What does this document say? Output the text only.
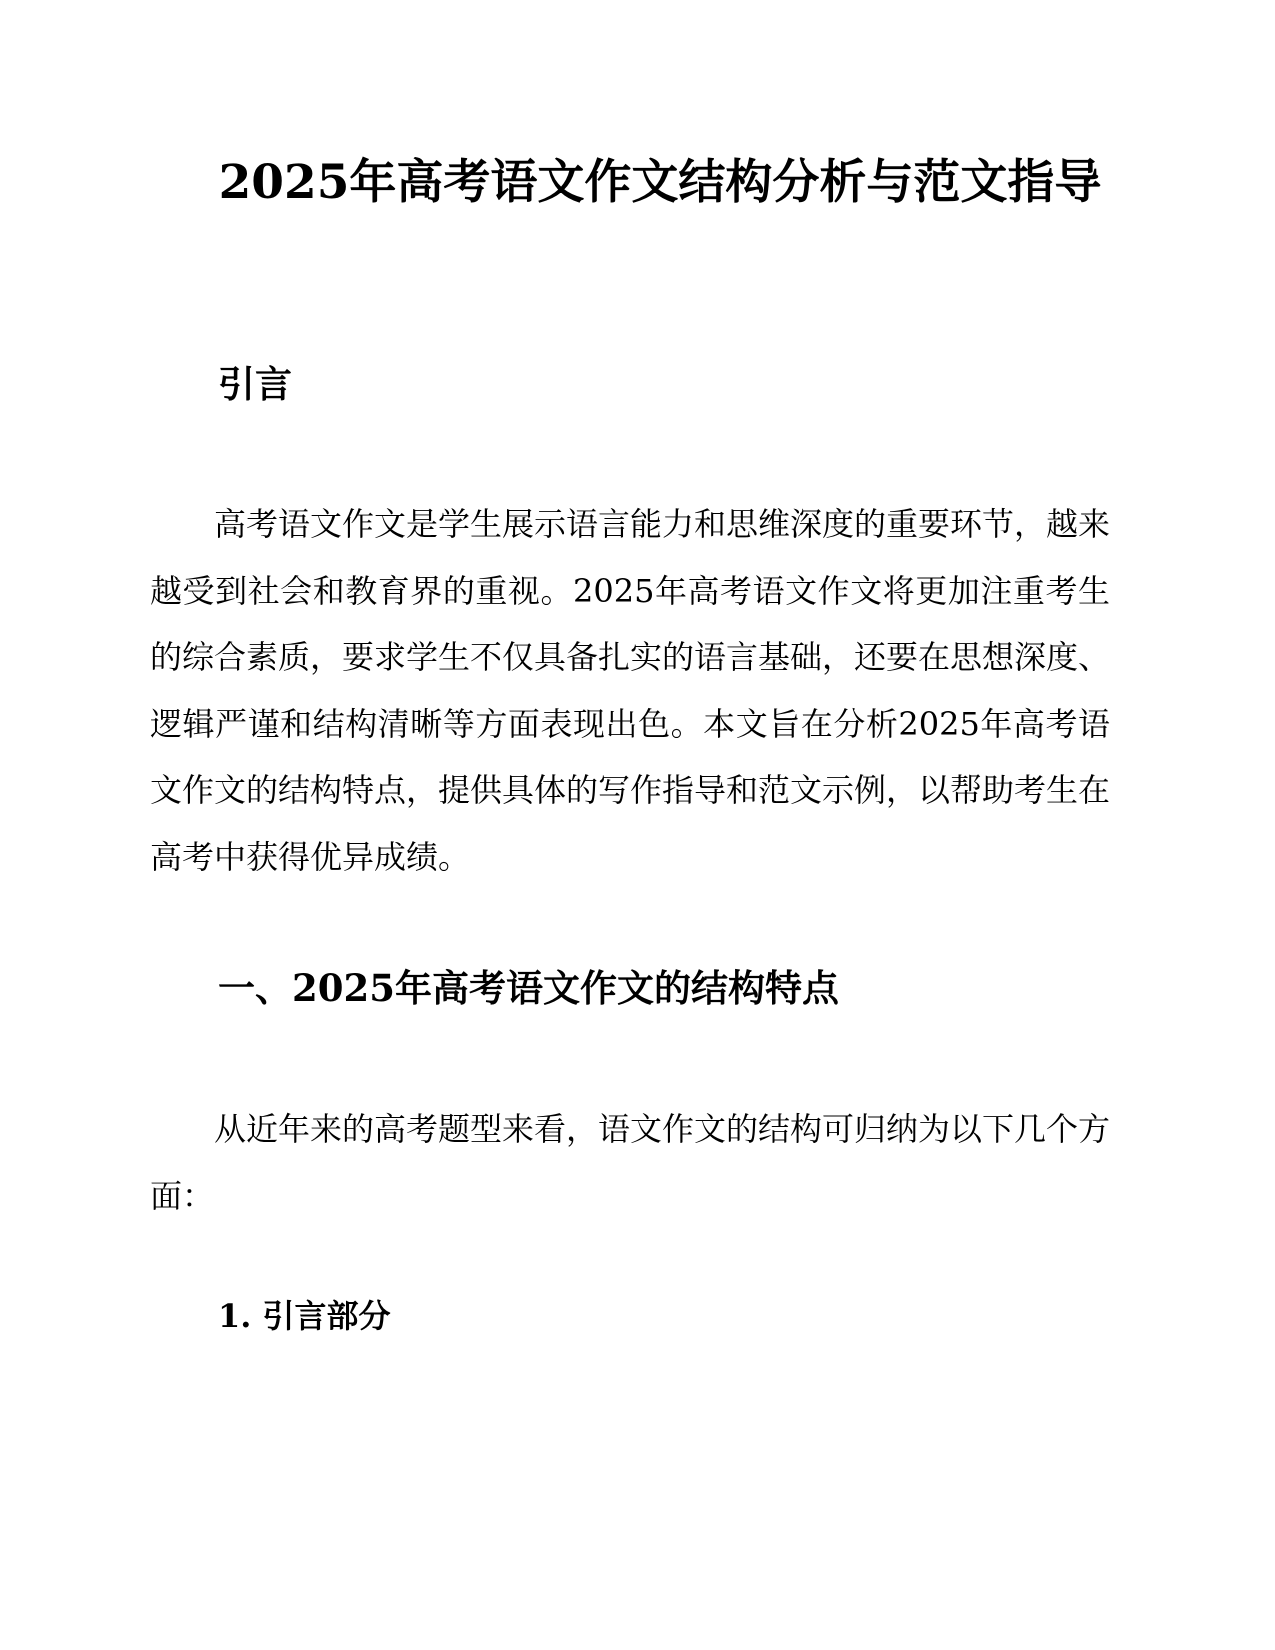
2025年高考语文作文结构分析与范文指导
引言

高考语文作文是学生展示语言能力和思维深度的重要环节，越来越受到社会和教育界的重视。2025年高考语文作文将更加注重考生的综合素质，要求学生不仅具备扎实的语言基础，还要在思想深度、逻辑严谨和结构清晰等方面表现出色。本文旨在分析2025年高考语文作文的结构特点，提供具体的写作指导和范文示例，以帮助考生在高考中获得优异成绩。

一、2025年高考语文作文的结构特点

从近年来的高考题型来看，语文作文的结构可归纳为以下几个方面：

1. 引言部分
